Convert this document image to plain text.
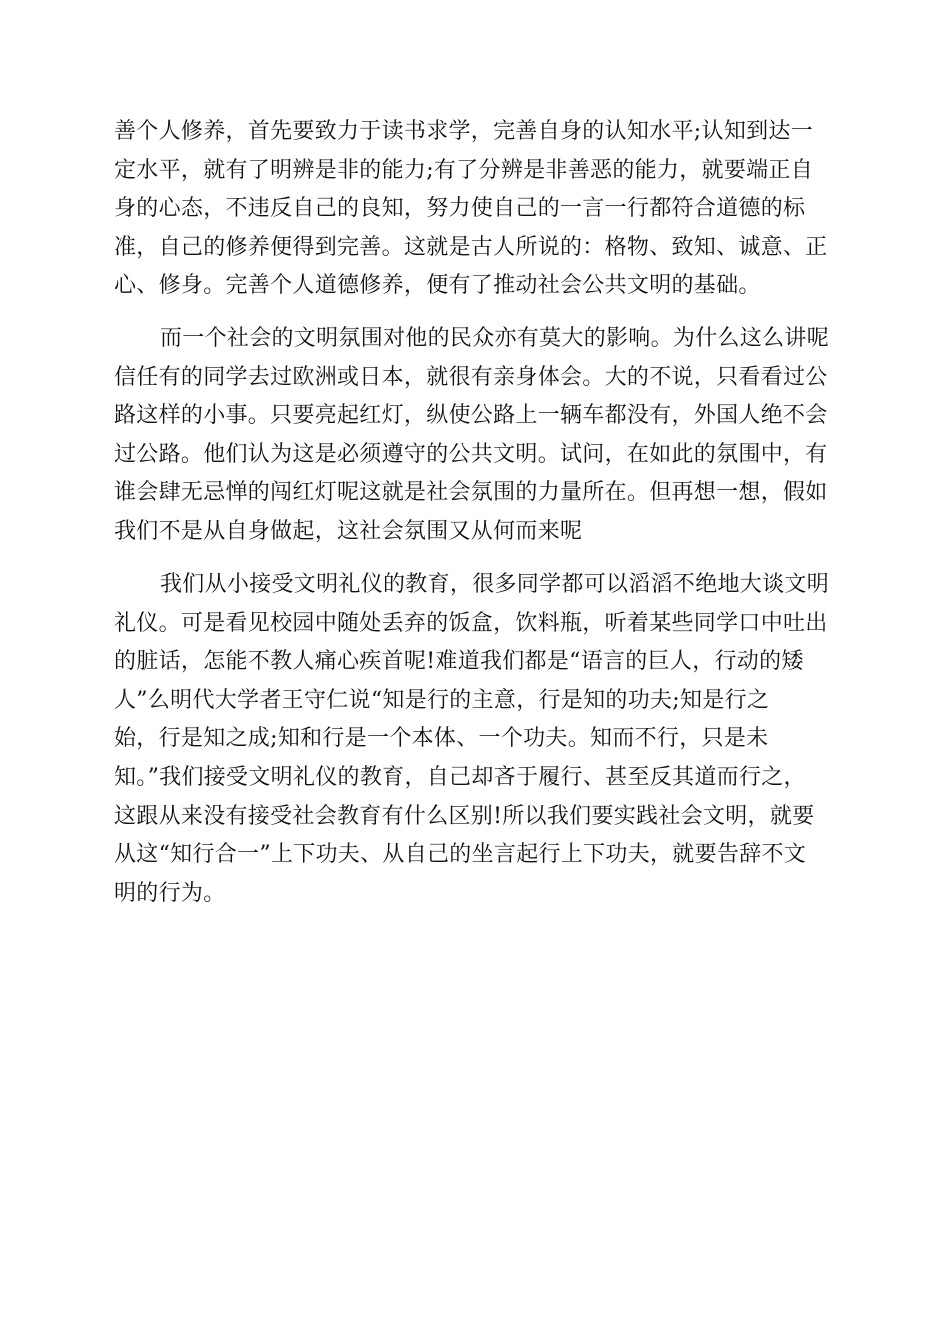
善个人修养，首先要致力于读书求学，完善自身的认知水平;认知到达一
定水平，就有了明辨是非的能力;有了分辨是非善恶的能力，就要端正自
身的心态，不违反自己的良知，努力使自己的一言一行都符合道德的标
准，自己的修养便得到完善。这就是古人所说的：格物、致知、诚意、正
心、修身。完善个人道德修养，便有了推动社会公共文明的基础。
而一个社会的文明氛围对他的民众亦有莫大的影响。为什么这么讲呢
信任有的同学去过欧洲或日本，就很有亲身体会。大的不说，只看看过公
路这样的小事。只要亮起红灯，纵使公路上一辆车都没有，外国人绝不会
过公路。他们认为这是必须遵守的公共文明。试问，在如此的氛围中，有
谁会肆无忌惮的闯红灯呢这就是社会氛围的力量所在。但再想一想，假如
我们不是从自身做起，这社会氛围又从何而来呢
我们从小接受文明礼仪的教育，很多同学都可以滔滔不绝地大谈文明
礼仪。可是看见校园中随处丢弃的饭盒，饮料瓶，听着某些同学口中吐出
的脏话，怎能不教人痛心疾首呢!难道我们都是“语言的巨人，行动的矮
人”么明代大学者王守仁说“知是行的主意，行是知的功夫;知是行之
始，行是知之成;知和行是一个本体、一个功夫。知而不行，只是未
知。”我们接受文明礼仪的教育，自己却吝于履行、甚至反其道而行之，
这跟从来没有接受社会教育有什么区别!所以我们要实践社会文明，就要
从这“知行合一”上下功夫、从自己的坐言起行上下功夫，就要告辞不文
明的行为。
